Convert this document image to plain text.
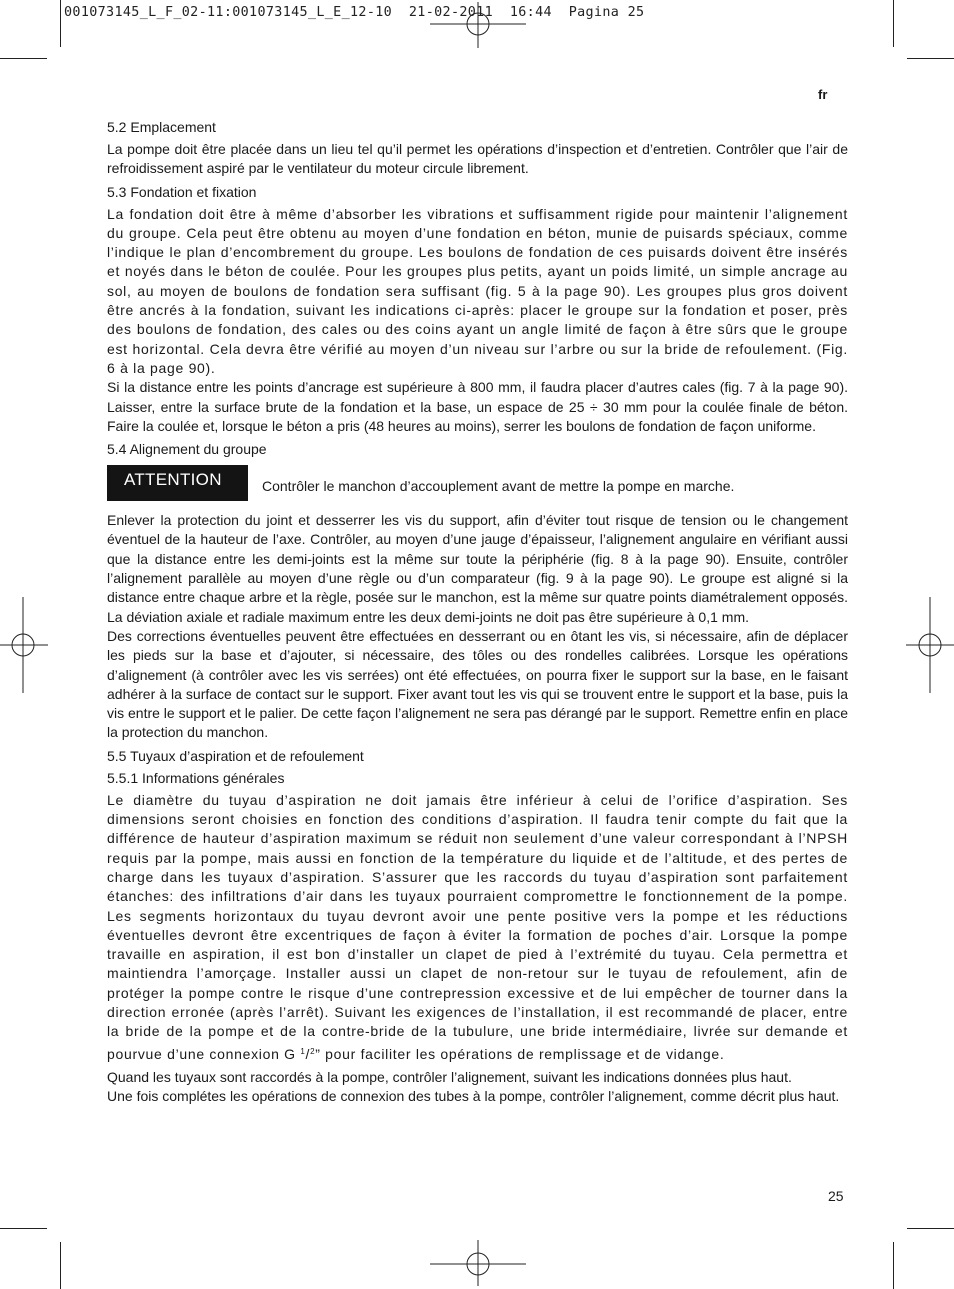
001073145_L_F_02-11:001073145_L_E_12-10  21-02-2011  16:44  Pagina 25
fr
5.2 Emplacement

La pompe doit être placée dans un lieu tel qu’il permet les opérations d’inspection et d’entretien. Contrôler que l’air de refroidissement aspiré par le ventilateur du moteur circule librement.

5.3 Fondation et fixation

La fondation doit être à même d’absorber les vibrations et suffisamment rigide pour maintenir l’alignement du groupe. Cela peut être obtenu au moyen d’une fondation en béton, munie de puisards spéciaux, comme l’indique le plan d’encombrement du groupe. Les boulons de fondation de ces puisards doivent être insérés et noyés dans le béton de coulée. Pour les groupes plus petits, ayant un poids limité, un simple ancrage au sol, au moyen de boulons de fondation sera suffisant (fig. 5 à la page 90). Les groupes plus gros doivent être ancrés à la fondation, suivant les indications ci-après: placer le groupe sur la fondation et poser, près des boulons de fondation, des cales ou des coins ayant un angle limité de façon à être sûrs que le groupe est horizontal. Cela devra être vérifié au moyen d’un niveau sur l’arbre ou sur la bride de refoulement. (Fig. 6 à la page 90).

Si la distance entre les points d’ancrage est supérieure à 800 mm, il faudra placer d’autres cales (fig. 7 à la page 90). Laisser, entre la surface brute de la fondation et la base, un espace de 25 ÷ 30 mm pour la coulée finale de béton. Faire la coulée et, lorsque le béton a pris (48 heures au moins), serrer les boulons de fondation de façon uniforme.

5.4 Alignement du groupe
ATTENTION	Contrôler le manchon d’accouplement avant de mettre la pompe en marche.

Enlever la protection du joint et desserrer les vis du support, afin d’éviter tout risque de tension ou le changement éventuel de la hauteur de l’axe. Contrôler, au moyen d’une jauge d’épaisseur, l’alignement angulaire en vérifiant aussi que la distance entre les demi-joints est la même sur toute la périphérie (fig. 8 à la page 90). Ensuite, contrôler l’alignement parallèle au moyen d’une règle ou d’un comparateur (fig. 9 à la page 90). Le groupe est aligné si la distance entre chaque arbre et la règle, posée sur le manchon, est la même sur quatre points diamétralement opposés. La déviation axiale et radiale maximum entre les deux demi-joints ne doit pas être supérieure à 0,1 mm.

Des corrections éventuelles peuvent être effectuées en desserrant ou en ôtant les vis, si nécessaire, afin de déplacer les pieds sur la base et d’ajouter, si nécessaire, des tôles ou des rondelles calibrées. Lorsque les opérations d’alignement (à contrôler avec les vis serrées) ont été effectuées, on pourra fixer le support sur la base, en le faisant adhérer à la surface de contact sur le support. Fixer avant tout les vis qui se trouvent entre le support et la base, puis la vis entre le support et le palier. De cette façon l’alignement ne sera pas dérangé par le support. Remettre enfin en place la protection du manchon.

5.5 Tuyaux d’aspiration et de refoulement
5.5.1 Informations générales

Le diamètre du tuyau d’aspiration ne doit jamais être inférieur à celui de l’orifice d’aspiration. Ses dimensions seront choisies en fonction des conditions d’aspiration. Il faudra tenir compte du fait que la différence de hauteur d’aspiration maximum se réduit non seulement d’une valeur correspondant à l’NPSH requis par la pompe, mais aussi en fonction de la température du liquide et de l’altitude, et des pertes de charge dans les tuyaux d’aspiration. S’assurer que les raccords du tuyau d’aspiration sont parfaitement étanches: des infiltrations d’air dans les tuyaux pourraient compromettre le fonctionnement de la pompe. Les segments horizontaux du tuyau devront avoir une pente positive vers la pompe et les réductions éventuelles devront être excentriques de façon à éviter la formation de poches d’air. Lorsque la pompe travaille en aspiration, il est bon d’installer un clapet de pied à l’extrémité du tuyau. Cela permettra et maintiendra l’amorçage. Installer aussi un clapet de non-retour sur le tuyau de refoulement, afin de protéger la pompe contre le risque d’une contrepression excessive et de lui empêcher de tourner dans la direction erronée (après l’arrêt). Suivant les exigences de l’installation, il est recommandé de placer, entre la bride de la pompe et de la contre-bride de la tubulure, une bride intermédiaire, livrée sur demande et pourvue d’une connexion G $^1$/$^2$” pour faciliter les opérations de remplissage et de vidange.

Quand les tuyaux sont raccordés à la pompe, contrôler l’alignement, suivant les indications données plus haut.

Une fois complétes les opérations de connexion des tubes à la pompe, contrôler l’alignement, comme décrit plus haut.

25
